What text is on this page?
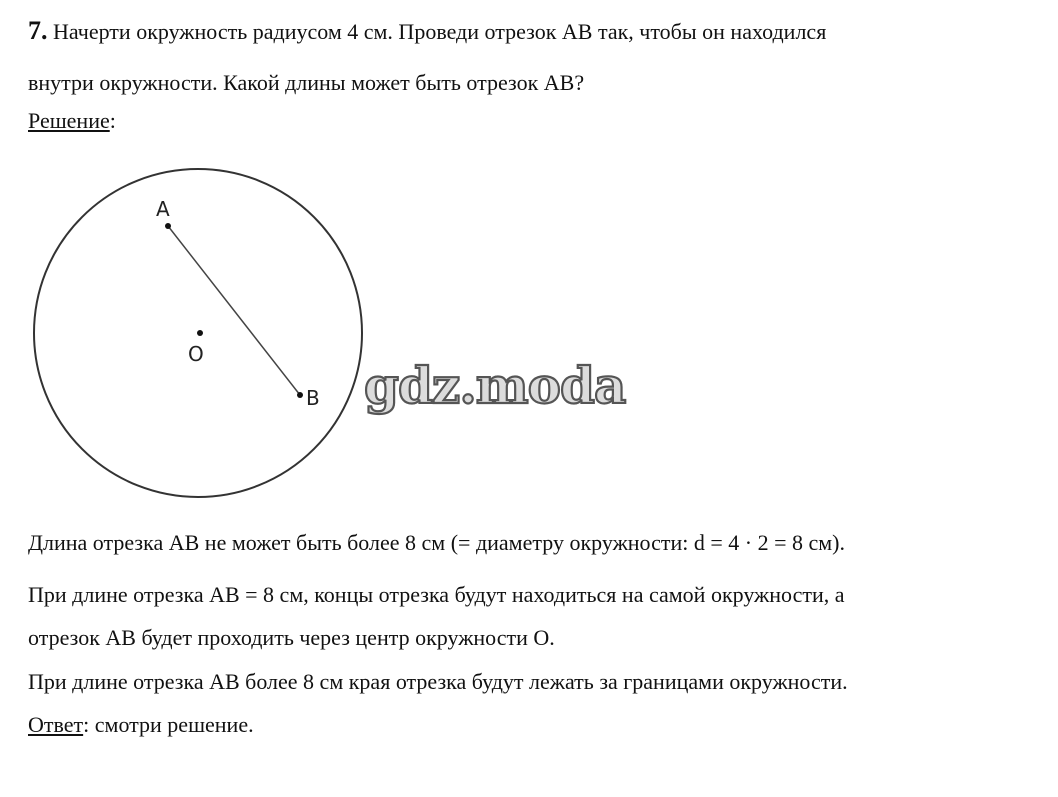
7. Начерти окружность радиусом 4 см. Проведи отрезок АВ так, чтобы он находился
внутри окружности. Какой длины может быть отрезок АВ?
Решение:
A
O
B gdz.moda
Длина отрезка АВ не может быть более 8 см (= диаметру окружности: d = 4 · 2 = 8 см).
При длине отрезка АВ = 8 см, концы отрезка будут находиться на самой окружности, а
отрезок АВ будет проходить через центр окружности О.
При длине отрезка АВ более 8 см края отрезка будут лежать за границами окружности.
Ответ: смотри решение.
